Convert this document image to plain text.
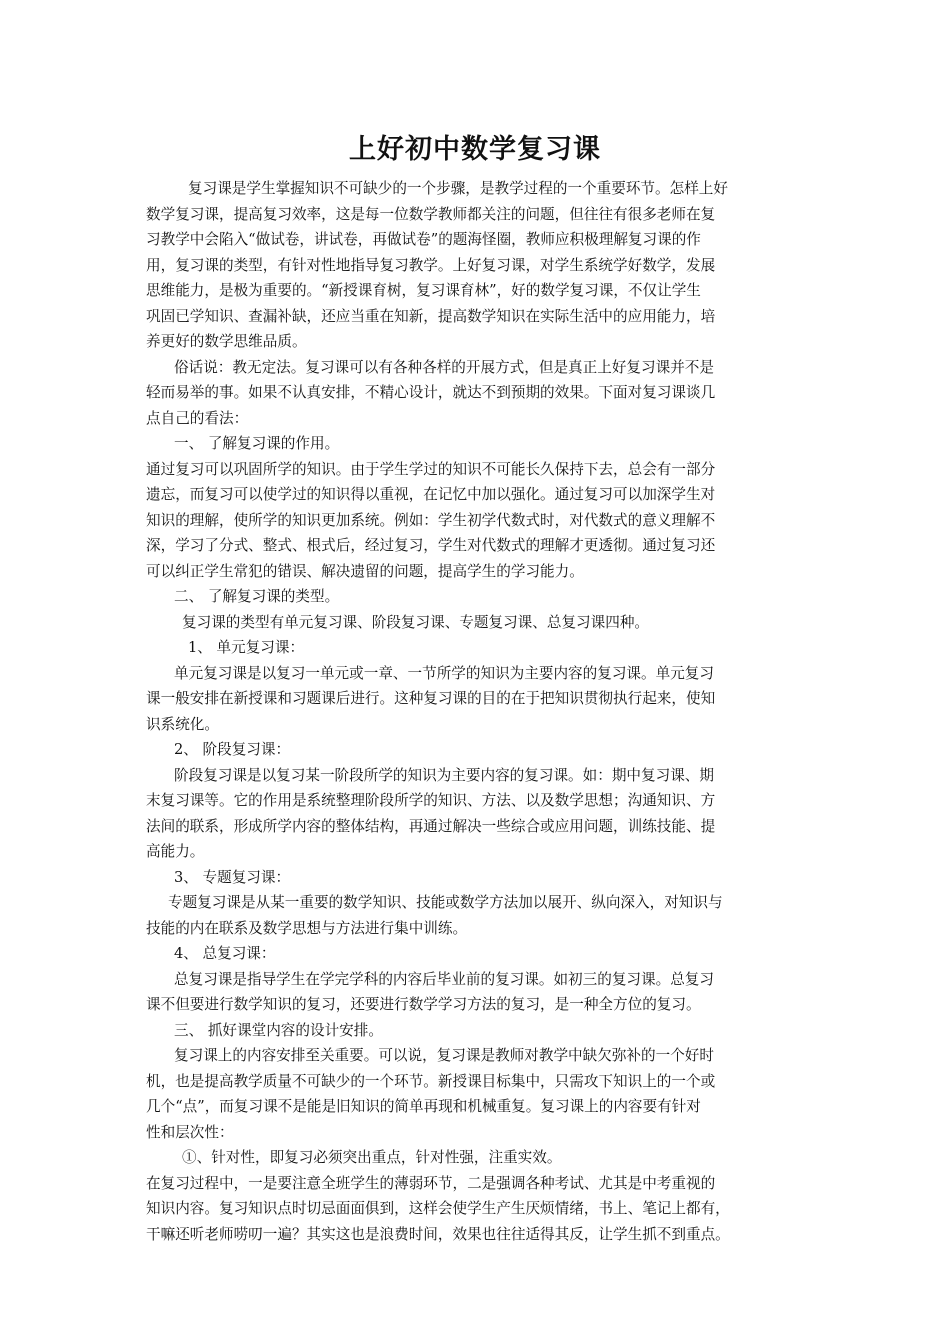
上好初中数学复习课
复习课是学生掌握知识不可缺少的一个步骤，是教学过程的一个重要环节。怎样上好
数学复习课，提高复习效率，这是每一位数学教师都关注的问题，但往往有很多老师在复
习教学中会陷入“做试卷，讲试卷，再做试卷”的题海怪圈，教师应积极理解复习课的作
用，复习课的类型，有针对性地指导复习教学。上好复习课，对学生系统学好数学，发展
思维能力，是极为重要的。“新授课育树，复习课育林”，好的数学复习课，不仅让学生
巩固已学知识、查漏补缺，还应当重在知新，提高数学知识在实际生活中的应用能力，培
养更好的数学思维品质。
俗话说：教无定法。复习课可以有各种各样的开展方式，但是真正上好复习课并不是
轻而易举的事。如果不认真安排，不精心设计，就达不到预期的效果。下面对复习课谈几
点自己的看法：
一、 了解复习课的作用。
通过复习可以巩固所学的知识。由于学生学过的知识不可能长久保持下去，总会有一部分
遗忘，而复习可以使学过的知识得以重视，在记忆中加以强化。通过复习可以加深学生对
知识的理解，使所学的知识更加系统。例如：学生初学代数式时，对代数式的意义理解不
深，学习了分式、整式、根式后，经过复习，学生对代数式的理解才更透彻。通过复习还
可以纠正学生常犯的错误、解决遗留的问题，提高学生的学习能力。
二、 了解复习课的类型。
复习课的类型有单元复习课、阶段复习课、专题复习课、总复习课四种。
1、 单元复习课：
单元复习课是以复习一单元或一章、一节所学的知识为主要内容的复习课。单元复习
课一般安排在新授课和习题课后进行。这种复习课的目的在于把知识贯彻执行起来，使知
识系统化。
2、 阶段复习课：
阶段复习课是以复习某一阶段所学的知识为主要内容的复习课。如：期中复习课、期
末复习课等。它的作用是系统整理阶段所学的知识、方法、以及数学思想；沟通知识、方
法间的联系，形成所学内容的整体结构，再通过解决一些综合或应用问题，训练技能、提
高能力。
3、 专题复习课：
专题复习课是从某一重要的数学知识、技能或数学方法加以展开、纵向深入，对知识与
技能的内在联系及数学思想与方法进行集中训练。
4、 总复习课：
总复习课是指导学生在学完学科的内容后毕业前的复习课。如初三的复习课。总复习
课不但要进行数学知识的复习，还要进行数学学习方法的复习，是一种全方位的复习。
三、 抓好课堂内容的设计安排。
复习课上的内容安排至关重要。可以说，复习课是教师对教学中缺欠弥补的一个好时
机，也是提高教学质量不可缺少的一个环节。新授课目标集中，只需攻下知识上的一个或
几个“点”，而复习课不是能是旧知识的简单再现和机械重复。复习课上的内容要有针对
性和层次性：
①、针对性，即复习必须突出重点，针对性强，注重实效。
在复习过程中，一是要注意全班学生的薄弱环节，二是强调各种考试、尤其是中考重视的
知识内容。复习知识点时切忌面面俱到，这样会使学生产生厌烦情绪，书上、笔记上都有，
干嘛还听老师唠叨一遍？其实这也是浪费时间，效果也往往适得其反，让学生抓不到重点。
